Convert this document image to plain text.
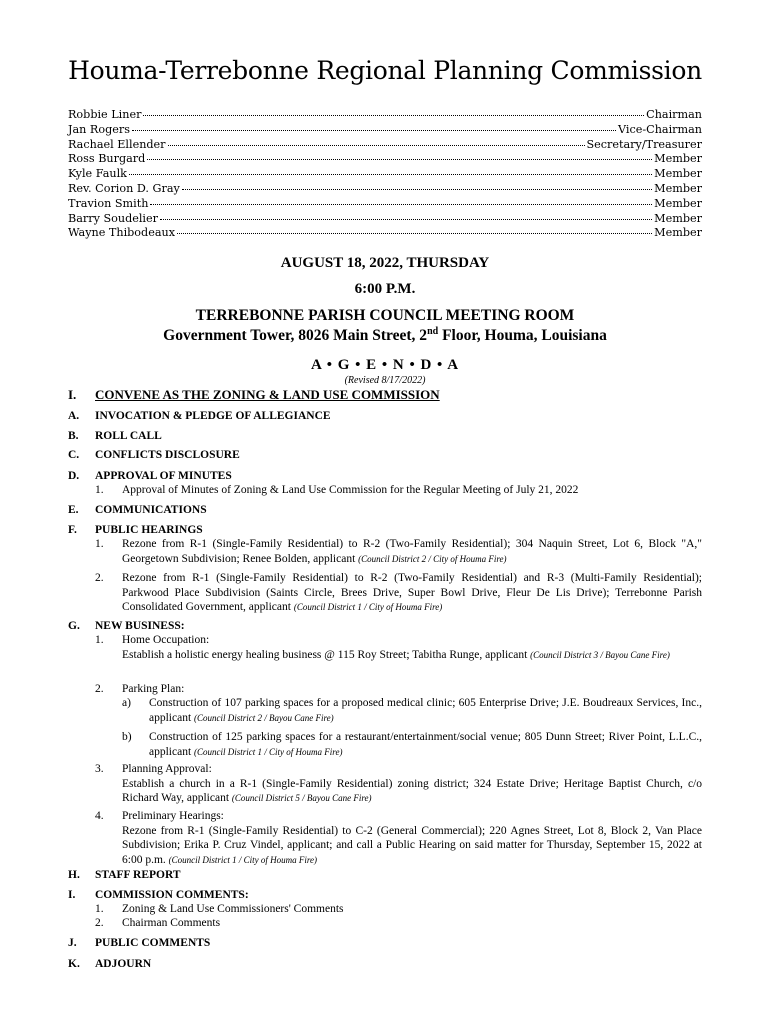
Houma-Terrebonne Regional Planning Commission
Robbie Liner	Chairman
Jan Rogers	Vice-Chairman
Rachael Ellender	Secretary/Treasurer
Ross Burgard	Member
Kyle Faulk	Member
Rev. Corion D. Gray	Member
Travion Smith	Member
Barry Soudelier	Member
Wayne Thibodeaux	Member
AUGUST 18, 2022, THURSDAY
6:00 P.M.
TERREBONNE PARISH COUNCIL MEETING ROOM
Government Tower, 8026 Main Street, 2nd Floor, Houma, Louisiana
A • G • E • N • D • A
(Revised 8/17/2022)
I. CONVENE AS THE ZONING & LAND USE COMMISSION
A. INVOCATION & PLEDGE OF ALLEGIANCE
B. ROLL CALL
C. CONFLICTS DISCLOSURE
D. APPROVAL OF MINUTES
1. Approval of Minutes of Zoning & Land Use Commission for the Regular Meeting of July 21, 2022
E. COMMUNICATIONS
F. PUBLIC HEARINGS
1. Rezone from R-1 (Single-Family Residential) to R-2 (Two-Family Residential); 304 Naquin Street, Lot 6, Block "A," Georgetown Subdivision; Renee Bolden, applicant (Council District 2 / City of Houma Fire)
2. Rezone from R-1 (Single-Family Residential) to R-2 (Two-Family Residential) and R-3 (Multi-Family Residential); Parkwood Place Subdivision (Saints Circle, Brees Drive, Super Bowl Drive, Fleur De Lis Drive); Terrebonne Parish Consolidated Government, applicant (Council District 1 / City of Houma Fire)
G. NEW BUSINESS:
1. Home Occupation:
Establish a holistic energy healing business @ 115 Roy Street; Tabitha Runge, applicant (Council District 3 / Bayou Cane Fire)
2. Parking Plan:
a) Construction of 107 parking spaces for a proposed medical clinic; 605 Enterprise Drive; J.E. Boudreaux Services, Inc., applicant (Council District 2 / Bayou Cane Fire)
b) Construction of 125 parking spaces for a restaurant/entertainment/social venue; 805 Dunn Street; River Point, L.L.C., applicant (Council District 1 / City of Houma Fire)
3. Planning Approval:
Establish a church in a R-1 (Single-Family Residential) zoning district; 324 Estate Drive; Heritage Baptist Church, c/o Richard Way, applicant (Council District 5 / Bayou Cane Fire)
4. Preliminary Hearings:
Rezone from R-1 (Single-Family Residential) to C-2 (General Commercial); 220 Agnes Street, Lot 8, Block 2, Van Place Subdivision; Erika P. Cruz Vindel, applicant; and call a Public Hearing on said matter for Thursday, September 15, 2022 at 6:00 p.m. (Council District 1 / City of Houma Fire)
H. STAFF REPORT
I. COMMISSION COMMENTS:
1. Zoning & Land Use Commissioners' Comments
2. Chairman Comments
J. PUBLIC COMMENTS
K. ADJOURN
